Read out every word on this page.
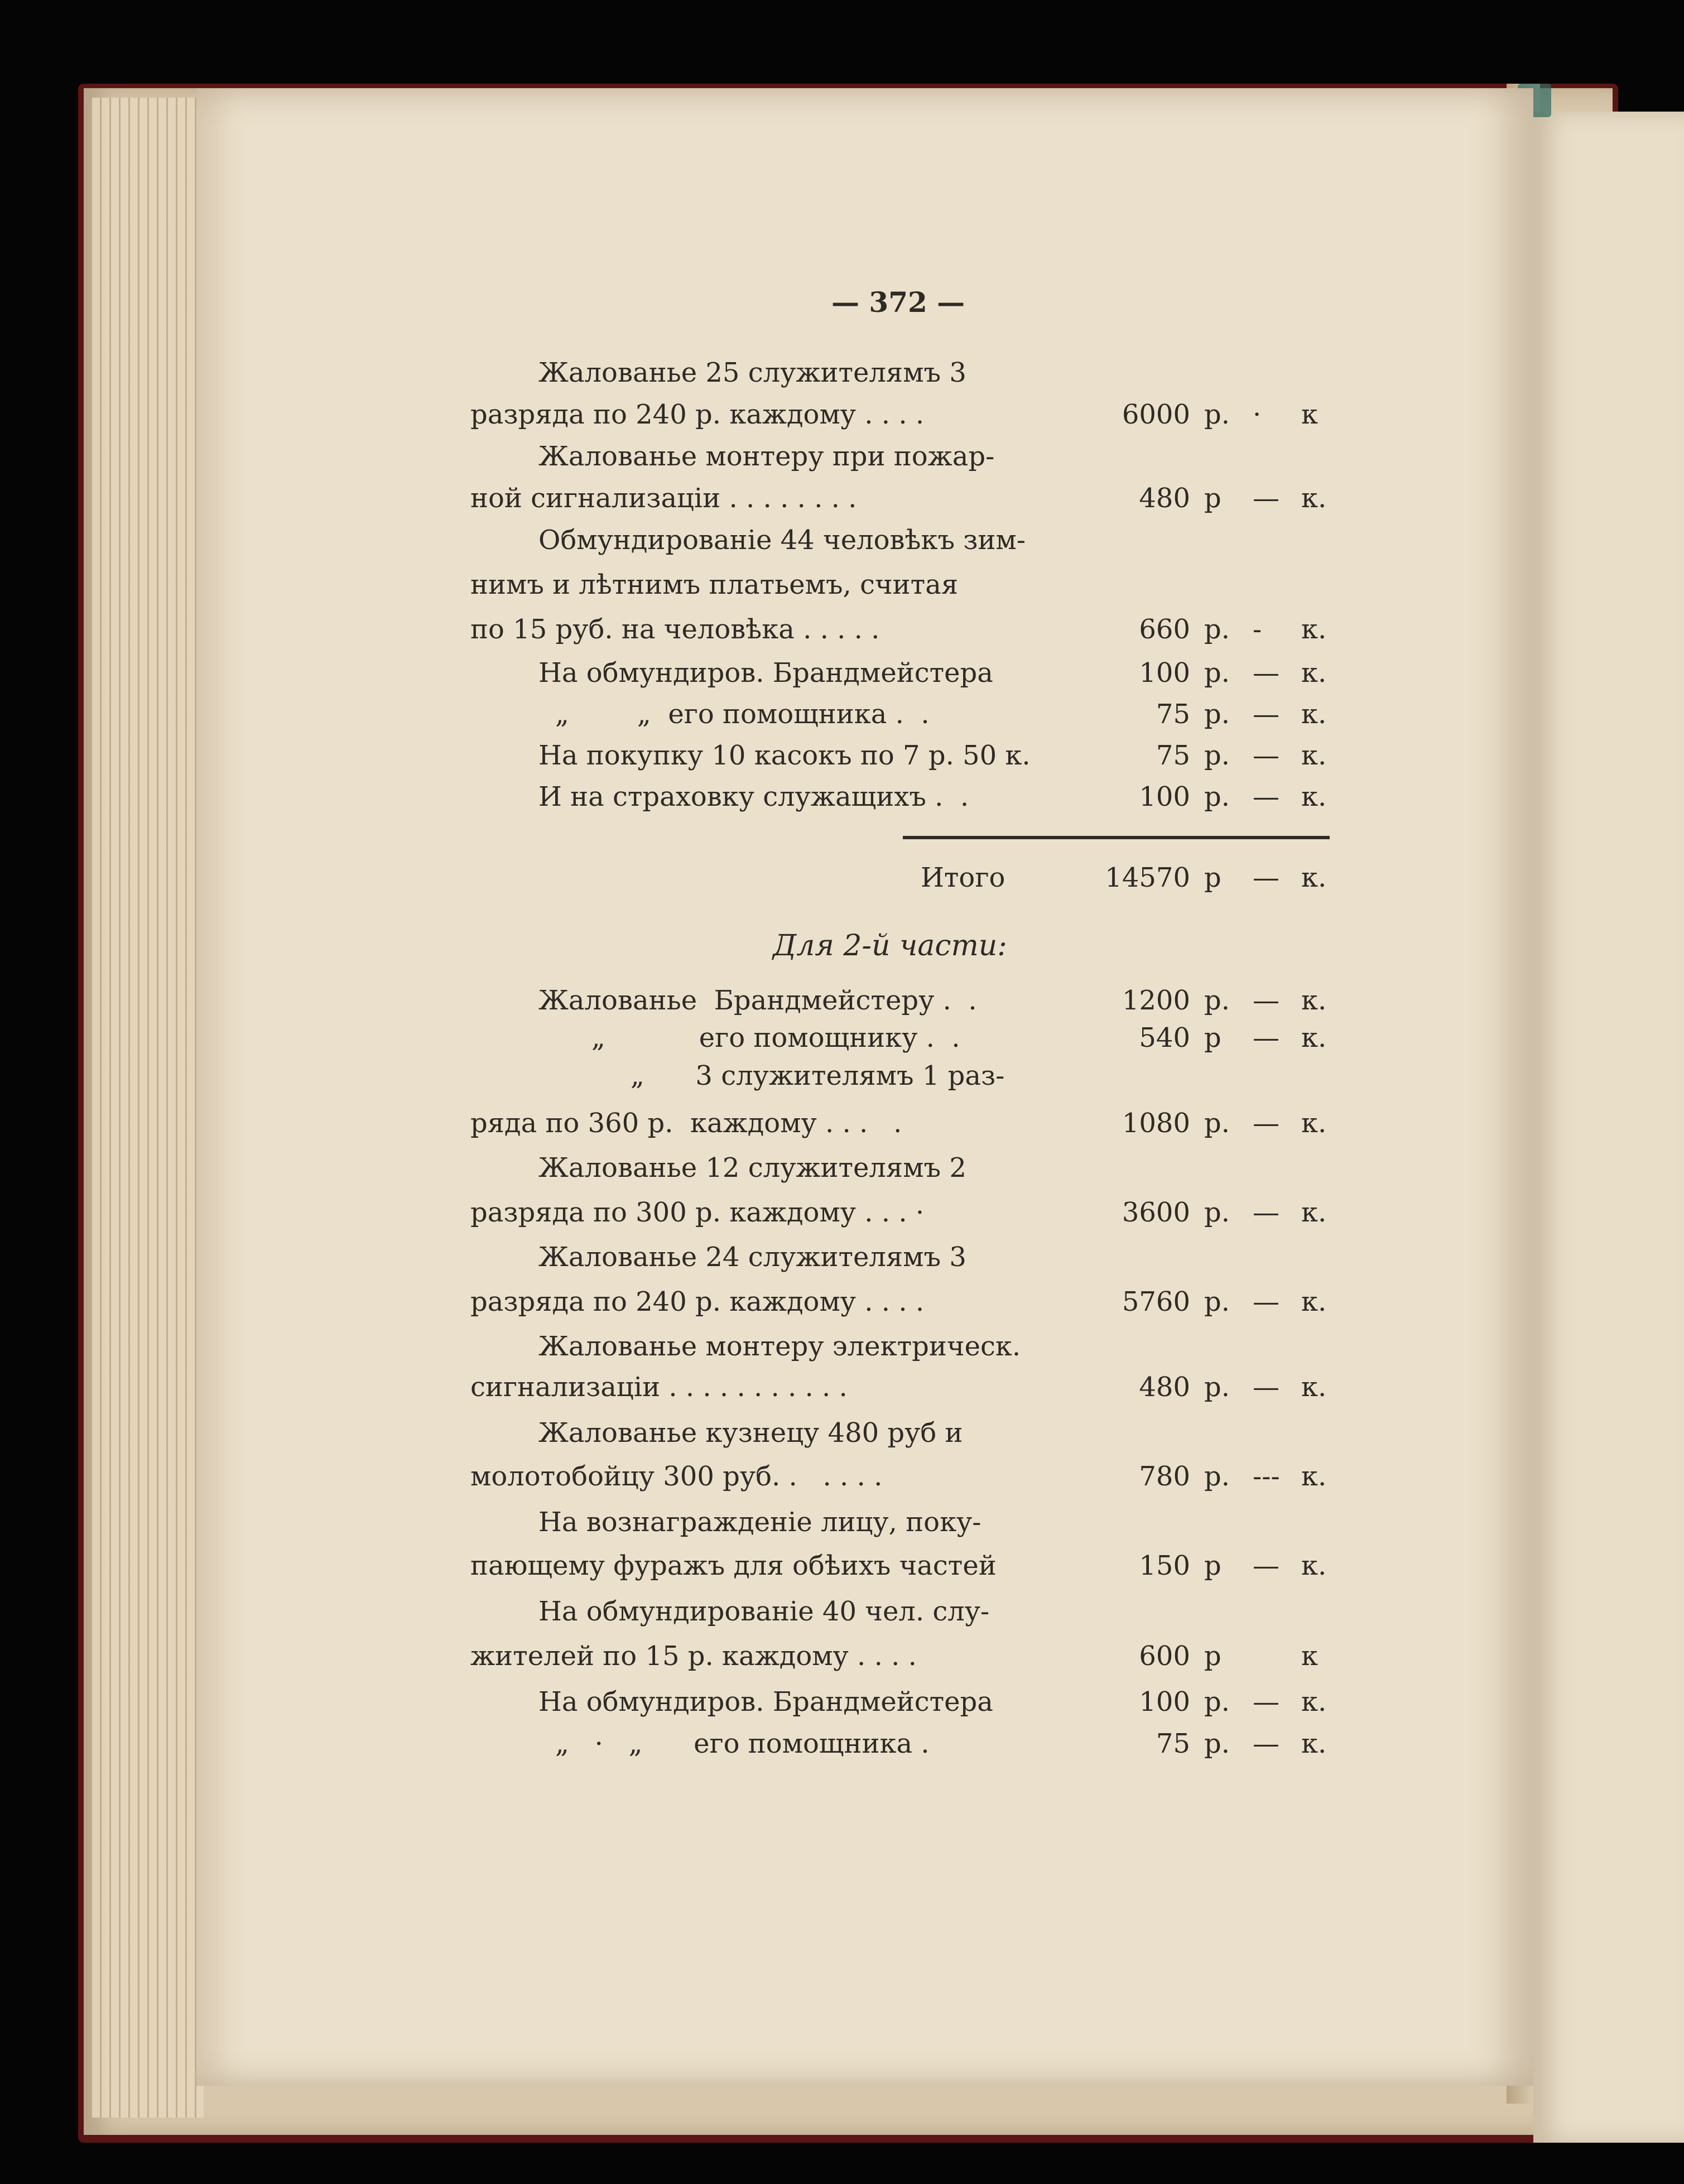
— 372 —
Жалованье 25 служителямъ 3
разряда по 240 р. каждому . . . .	6000 р. · к
Жалованье монтеру при пожар-
ной сигнализаціи . . . . . . . .	480 р — к.
Обмундированіе 44 человѣкъ зим-
нимъ и лѣтнимъ платьемъ, считая
по 15 руб. на человѣка . . . . .	660 р. - к.
На обмундиров. Брандмейстера	100 р. — к.
„        „  его помощника .  .	75 р. — к.
На покупку 10 касокъ по 7 р. 50 к.	75 р. — к.
И на страховку служащихъ .  .	100 р. — к.
Итого	14570 р — к.
Для 2-й части:
Жалованье  Брандмейстеру .  .	1200 р. — к.
„           его помощнику .  .	540 р — к.
„      3 служителямъ 1 раз-
ряда по 360 р.  каждому . . .   .	1080 р. — к.
Жалованье 12 служителямъ 2
разряда по 300 р. каждому . . . ·	3600 р. — к.
Жалованье 24 служителямъ 3
разряда по 240 р. каждому . . . .	5760 р. — к.
Жалованье монтеру электрическ.
сигнализаціи . . . . . . . . . . .	480 р. — к.
Жалованье кузнецу 480 руб и
молотобойцу 300 руб. .   . . . .	780 р. --- к.
На вознагражденіе лицу, поку-
пающему фуражъ для обѣихъ частей	150 р — к.
На обмундированіе 40 чел. слу-
жителей по 15 р. каждому . . . .	600 р	к
На обмундиров. Брандмейстера	100 р. — к.
„   ·   „      его помощника .	75 р. — к.
